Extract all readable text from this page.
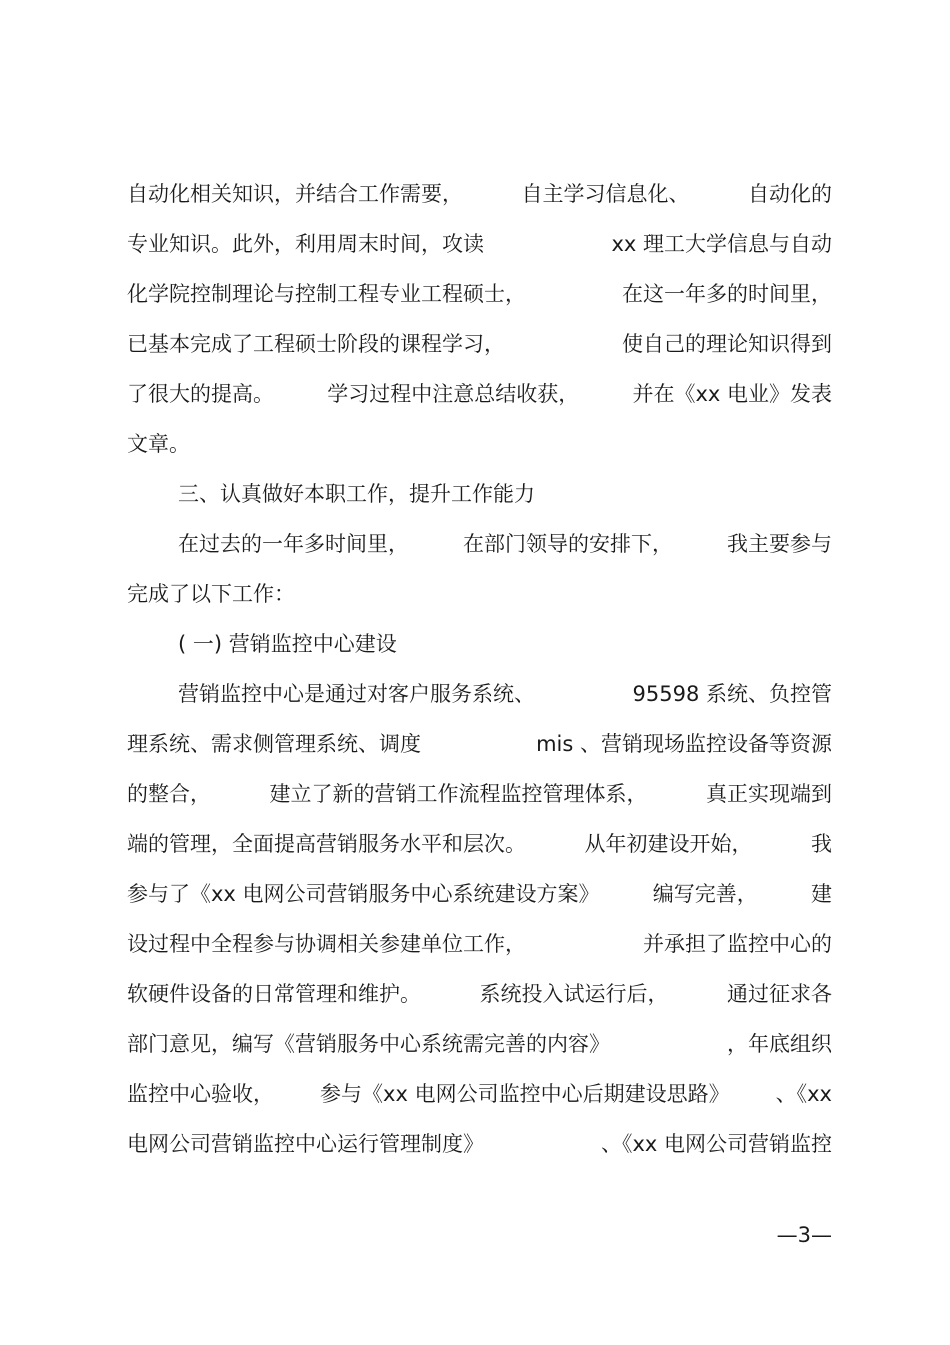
自动化相关知识，并结合工作需要，	自主学习信息化、	自动化的
专业知识。此外，利用周末时间，攻读	xx 理工大学信息与自动
化学院控制理论与控制工程专业工程硕士，	在这一年多的时间里，
已基本完成了工程硕士阶段的课程学习，	使自己的理论知识得到
了很大的提高。	学习过程中注意总结收获，	并在《xx 电业》发表
文章。
三、认真做好本职工作，提升工作能力
在过去的一年多时间里，	在部门领导的安排下，	我主要参与
完成了以下工作：
( 一) 营销监控中心建设
营销监控中心是通过对客户服务系统、	95598 系统、负控管
理系统、需求侧管理系统、调度	mis 、营销现场监控设备等资源
的整合，	建立了新的营销工作流程监控管理体系，	真正实现端到
端的管理，全面提高营销服务水平和层次。	从年初建设开始，	我
参与了《xx 电网公司营销服务中心系统建设方案》	编写完善，	建
设过程中全程参与协调相关参建单位工作，	并承担了监控中心的
软硬件设备的日常管理和维护。	系统投入试运行后，	通过征求各
部门意见，编写《营销服务中心系统需完善的内容》	，年底组织
监控中心验收， 参与《xx 电网公司监控中心后期建设思路》 、《xx
电网公司营销监控中心运行管理制度》	、《xx 电网公司营销监控
—3—
